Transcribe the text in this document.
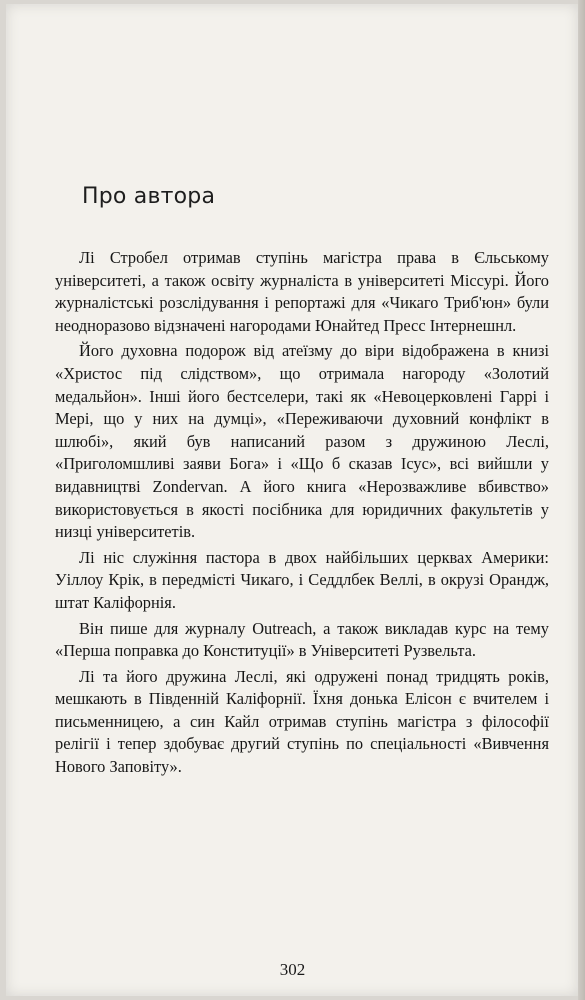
Про автора

Лі Стробел отримав ступінь магістра права в Єльському університеті, а також освіту журналіста в університеті Міссурі. Його журналістські розслідування і репортажі для «Чикаго Триб'юн» були неодноразово відзначені нагородами Юнайтед Пресс Інтернешнл.

Його духовна подорож від атеїзму до віри відображена в книзі «Христос під слідством», що отримала нагороду «Золотий медальйон». Інші його бестселери, такі як «Невоцерковлені Гаррі і Мері, що у них на думці», «Переживаючи духовний конфлікт в шлюбі», який був написаний разом з дружиною Леслі, «Приголомшливі заяви Бога» і «Що б сказав Ісус», всі вийшли у видавництві Zondervan. А його книга «Нерозважливе вбивство» використовується в якості посібника для юридичних факультетів у низці університетів.

Лі ніс служіння пастора в двох найбільших церквах Америки: Уіллоу Крік, в передмісті Чикаго, і Седдлбек Веллі, в окрузі Орандж, штат Каліфорнія.

Він пише для журналу Outreach, а також викладав курс на тему «Перша поправка до Конституції» в Університеті Рузвельта.

Лі та його дружина Леслі, які одружені понад тридцять років, мешкають в Південній Каліфорнії. Їхня донька Елісон є вчителем і письменницею, а син Кайл отримав ступінь магістра з філософії релігії і тепер здобуває другий ступінь по спеціальності «Вивчення Нового Заповіту».

302
